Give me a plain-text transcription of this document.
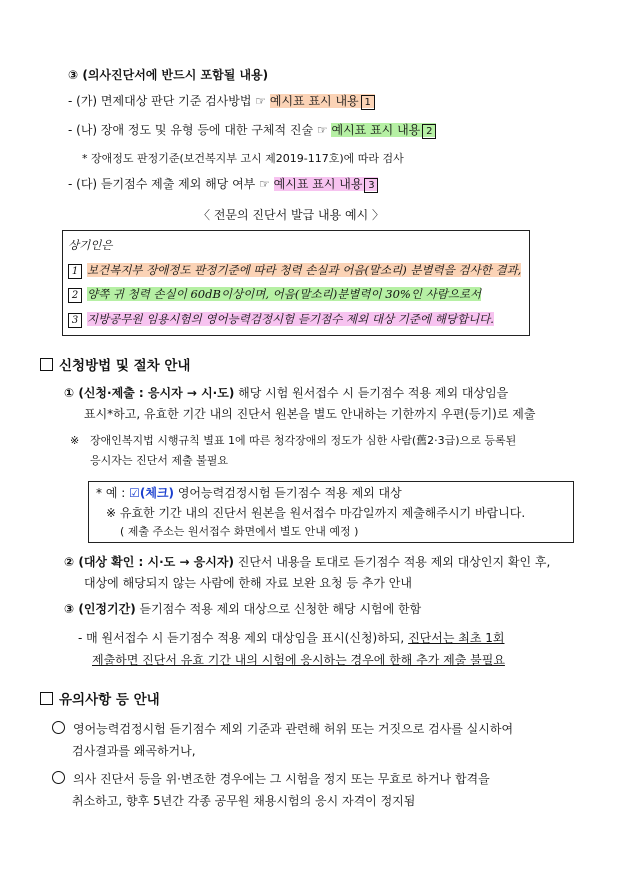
③ (의사진단서에 반드시 포함될 내용)
- (가) 면제대상 판단 기준 검사방법 ☞ 예시표 표시 내용 1
- (나) 장애 정도 및 유형 등에 대한 구체적 진술 ☞ 예시표 표시 내용 2
* 장애정도 판정기준(보건복지부 고시 제2019-117호)에 따라 검사
- (다) 듣기점수 제출 제외 해당 여부 ☞ 예시표 표시 내용 3
〈 전문의 진단서 발급 내용 예시 〉
상기인은
1 보건복지부 장애정도 판정기준에 따라 청력 손실과 어음(말소리) 분별력을 검사한 결과,
2 양쪽 귀 청력 손실이 60dB이상이며, 어음(말소리)분별력이 30%인 사람으로서
3 지방공무원 임용시험의 영어능력검정시험 듣기점수 제외 대상 기준에 해당합니다.
신청방법 및 절차 안내
① (신청·제출 : 응시자 → 시·도) 해당 시험 원서접수 시 듣기점수 적용 제외 대상임을
표시*하고, 유효한 기간 내의 진단서 원본을 별도 안내하는 기한까지 우편(등기)로 제출
※ 장애인복지법 시행규칙 별표 1에 따른 청각장애의 정도가 심한 사람(舊2·3급)으로 등록된
응시자는 진단서 제출 불필요
* 예 : ☑(체크) 영어능력검정시험 듣기점수 적용 제외 대상
※ 유효한 기간 내의 진단서 원본을 원서접수 마감일까지 제출해주시기 바랍니다.
( 제출 주소는 원서접수 화면에서 별도 안내 예정 )
② (대상 확인 : 시·도 → 응시자) 진단서 내용을 토대로 듣기점수 적용 제외 대상인지 확인 후,
대상에 해당되지 않는 사람에 한해 자료 보완 요청 등 추가 안내
③ (인정기간) 듣기점수 적용 제외 대상으로 신청한 해당 시험에 한함
- 매 원서접수 시 듣기점수 적용 제외 대상임을 표시(신청)하되, 진단서는 최초 1회
제출하면 진단서 유효 기간 내의 시험에 응시하는 경우에 한해 추가 제출 불필요
유의사항 등 안내
영어능력검정시험 듣기점수 제외 기준과 관련해 허위 또는 거짓으로 검사를 실시하여
검사결과를 왜곡하거나,
의사 진단서 등을 위·변조한 경우에는 그 시험을 정지 또는 무효로 하거나 합격을
취소하고, 향후 5년간 각종 공무원 채용시험의 응시 자격이 정지됨
